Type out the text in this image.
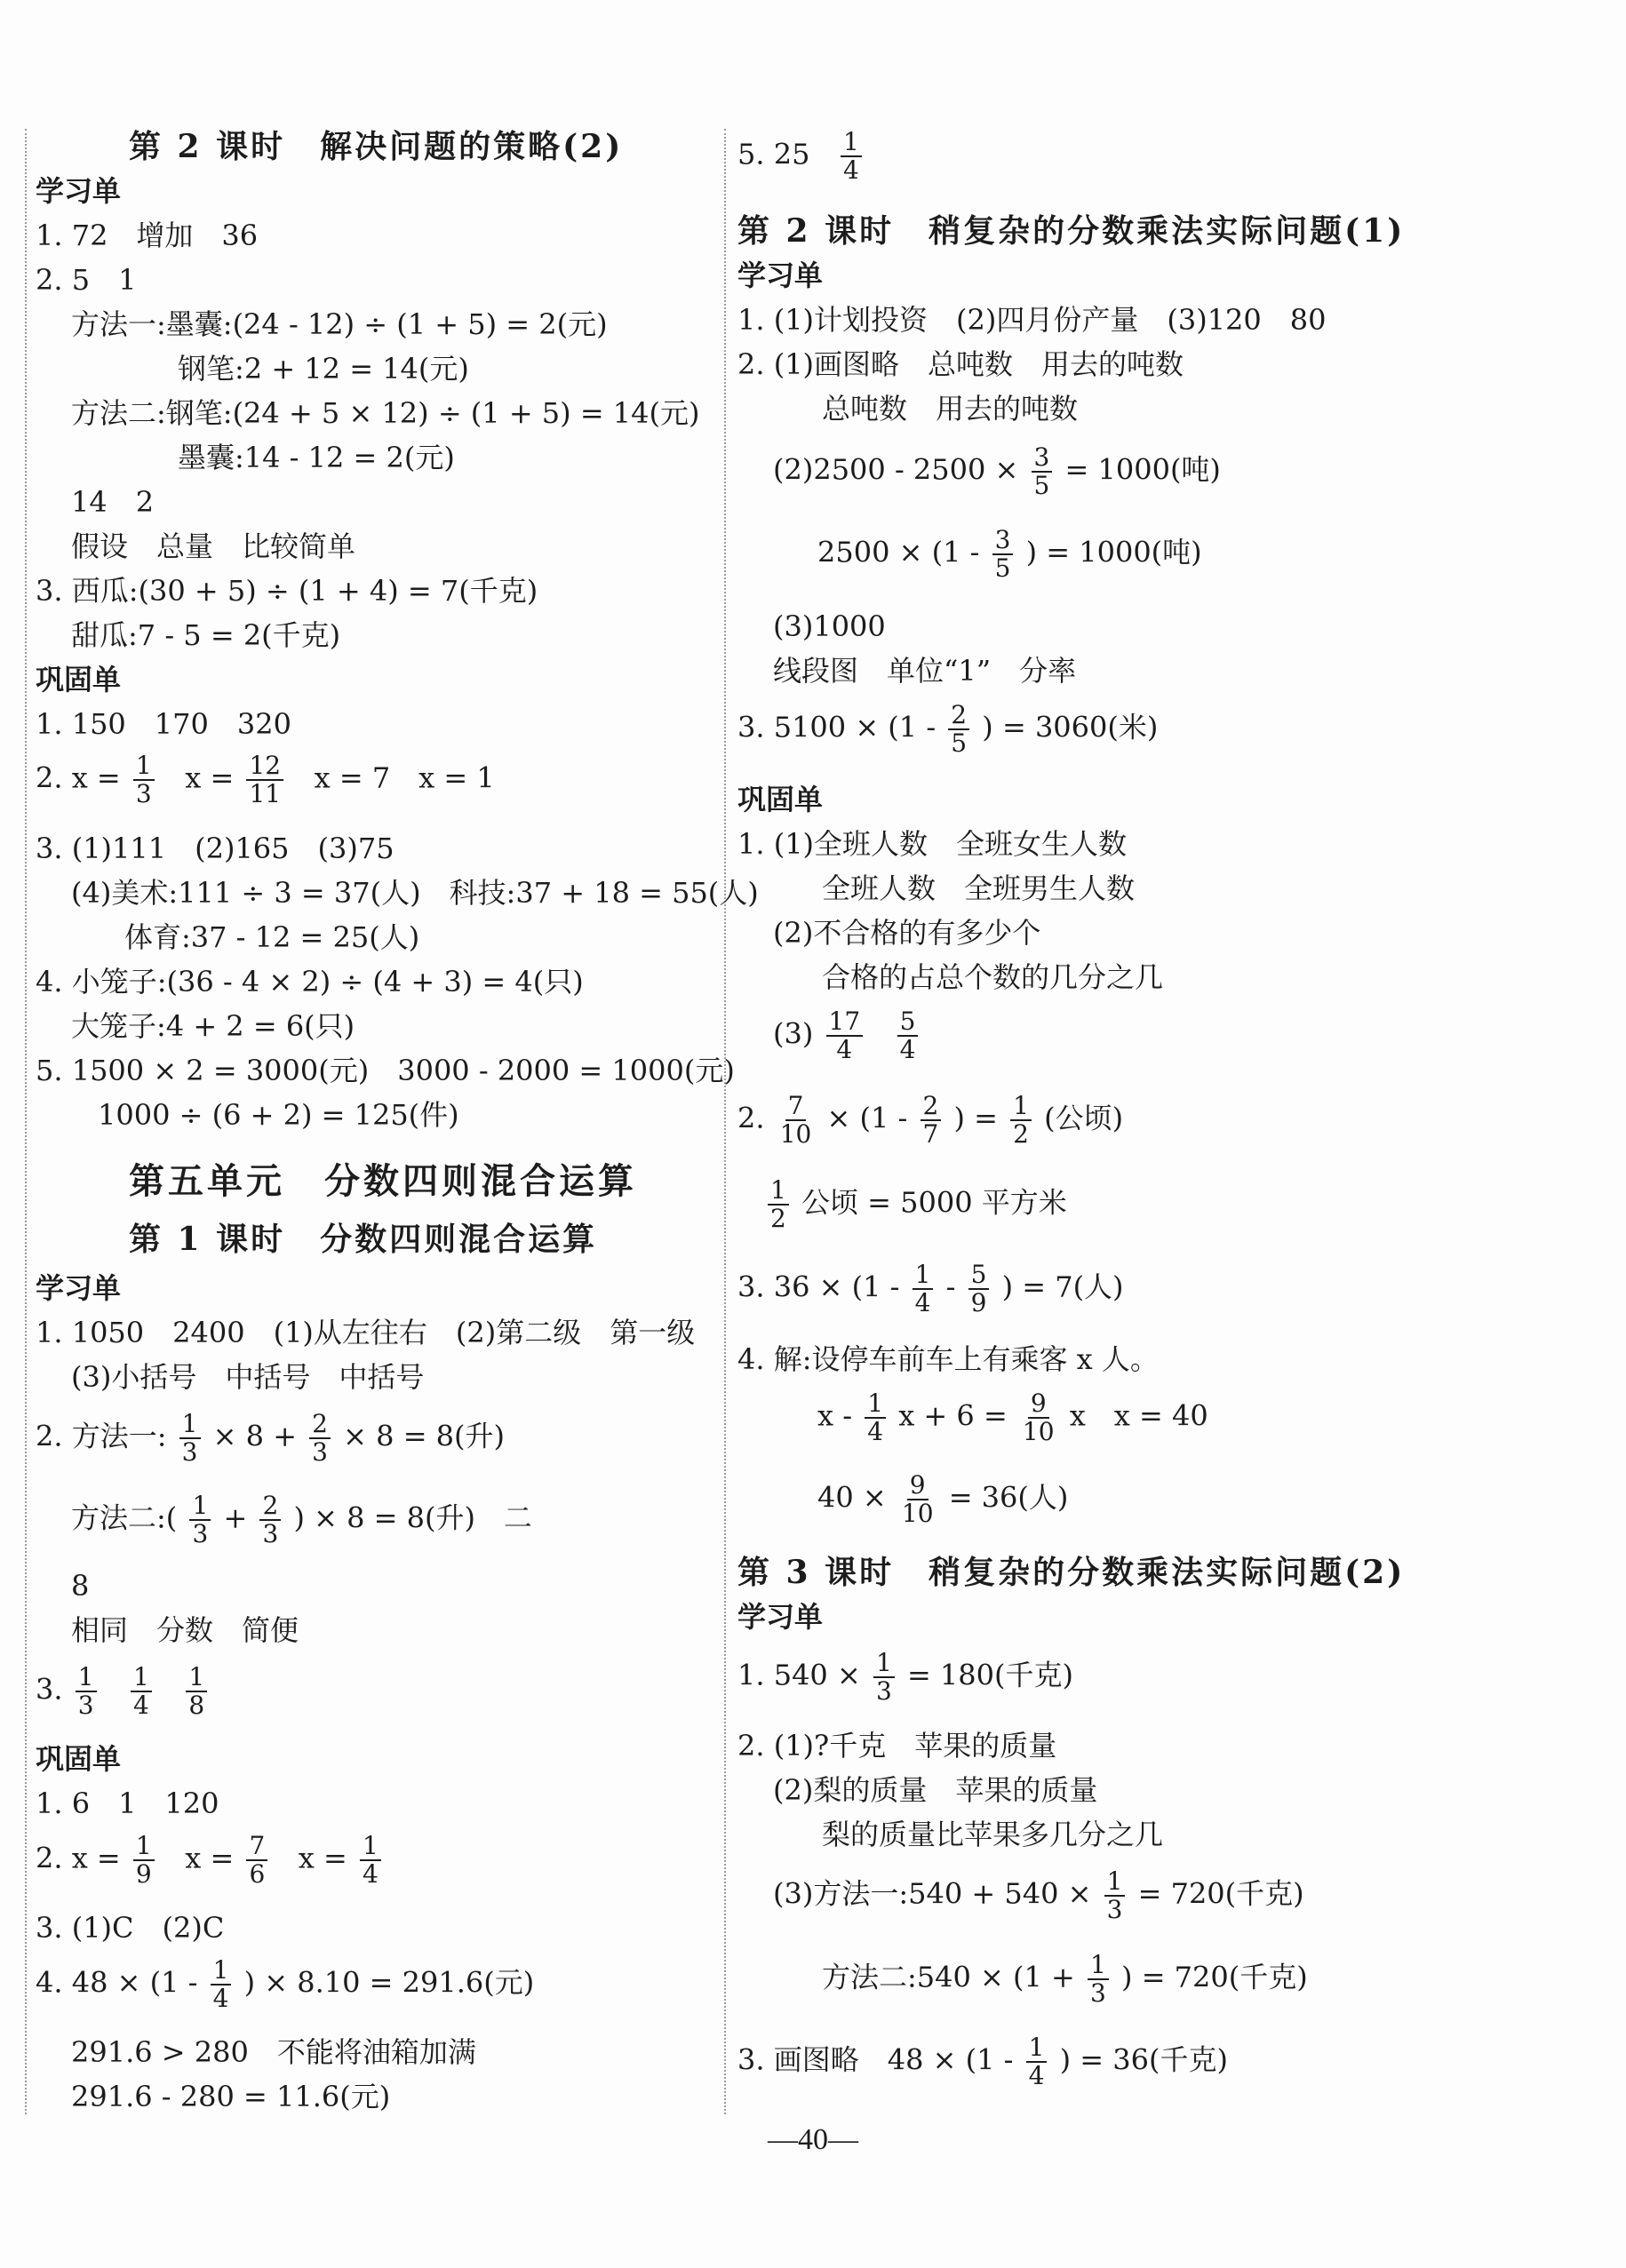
第 2 课时　解决问题的策略(2)
学习单
1. 72　增加　36
2. 5　1
方法一:墨囊:(24 - 12) ÷ (1 + 5) = 2(元)
钢笔:2 + 12 = 14(元)
方法二:钢笔:(24 + 5 × 12) ÷ (1 + 5) = 14(元)
墨囊:14 - 12 = 2(元)
14　2
假设　总量　比较简单
3. 西瓜:(30 + 5) ÷ (1 + 4) = 7(千克)
甜瓜:7 - 5 = 2(千克)
巩固单
1. 150　170　320
2. $x = \frac{1}{3}$ $x = \frac{12}{11}$ x = 7　x = 1
3. (1)111　(2)165　(3)75
(4)美术:111 ÷ 3 = 37(人)　科技:37 + 18 = 55(人)
体育:37 - 12 = 25(人)
4. 小笼子:(36 - 4 × 2) ÷ (4 + 3) = 4(只)
大笼子:4 + 2 = 6(只)
5. 1500 × 2 = 3000(元)　3000 - 2000 = 1000(元)
1000 ÷ (6 + 2) = 125(件)
第五单元　分数四则混合运算
第 1 课时　分数四则混合运算
学习单
1. 1050　2400　(1)从左往右　(2)第二级　第一级
(3)小括号　中括号　中括号
2. 方法一: $\frac{1}{3} \times 8 + \frac{2}{3} \times 8 = 8$(升)
方法二:( $\frac{1}{3} + \frac{2}{3}$ ) × 8 = 8(升)　二
8
相同　分数　简便
3. $\frac{1}{3}$
$\frac{1}{4}$
$\frac{1}{8}$
巩固单
1. 6　1　120
2. $x = \frac{1}{9}$ $x = \frac{7}{6}$ $x = \frac{1}{4}$
3. (1)C　(2)C
4. $48 \times (1 - \frac{1}{4}$ ) × 8.10 = 291.6(元)
291.6 > 280　不能将油箱加满
291.6 - 280 = 11.6(元)
5. $25 \frac{1}{4}$
第 2 课时　稍复杂的分数乘法实际问题(1)
学习单
1. (1)计划投资　(2)四月份产量　(3)120　80
2. (1)画图略　总吨数　用去的吨数
总吨数　用去的吨数
$(2)2500 - 2500 \times \frac{3}{5} = 1000$(吨)
$2500 \times (1 - \frac{3}{5}$ ) = 1000(吨)
(3)1000
线段图　单位“1”　分率
3. $5100 \times (1 - \frac{2}{5}$ ) = 3060(米)
巩固单
1. (1)全班人数　全班女生人数
全班人数　全班男生人数
(2)不合格的有多少个
合格的占总个数的几分之几
$(3) \frac{17}{4}$
$\frac{5}{4}$
2. $\frac{7}{10} \times (1 - \frac{2}{7}$ ) = $\frac{1}{2}$ (公顷)
$\frac{1}{2}$ 公顷 = 5000 平方米
3. $36 \times (1 - \frac{1}{4} - \frac{5}{9}$ ) = 7(人)
4. 解:设停车前车上有乘客 x 人。
x - $\frac{1}{4}$ $x + 6 = \frac{9}{10}$ x　x = 40
$40 \times \frac{9}{10} = 36$(人)
第 3 课时　稍复杂的分数乘法实际问题(2)
学习单
1. $540 \times \frac{1}{3} = 180$(千克)
2. (1)?千克　苹果的质量
(2)梨的质量　苹果的质量
梨的质量比苹果多几分之几
(3)方法一:540 + $540 \times \frac{1}{3} = 720$(千克)
方法二:540 × ($1 + \frac{1}{3}$ ) = 720(千克)
3. 画图略　$48 \times (1 - \frac{1}{4}$ ) = 36(千克)
—40—
